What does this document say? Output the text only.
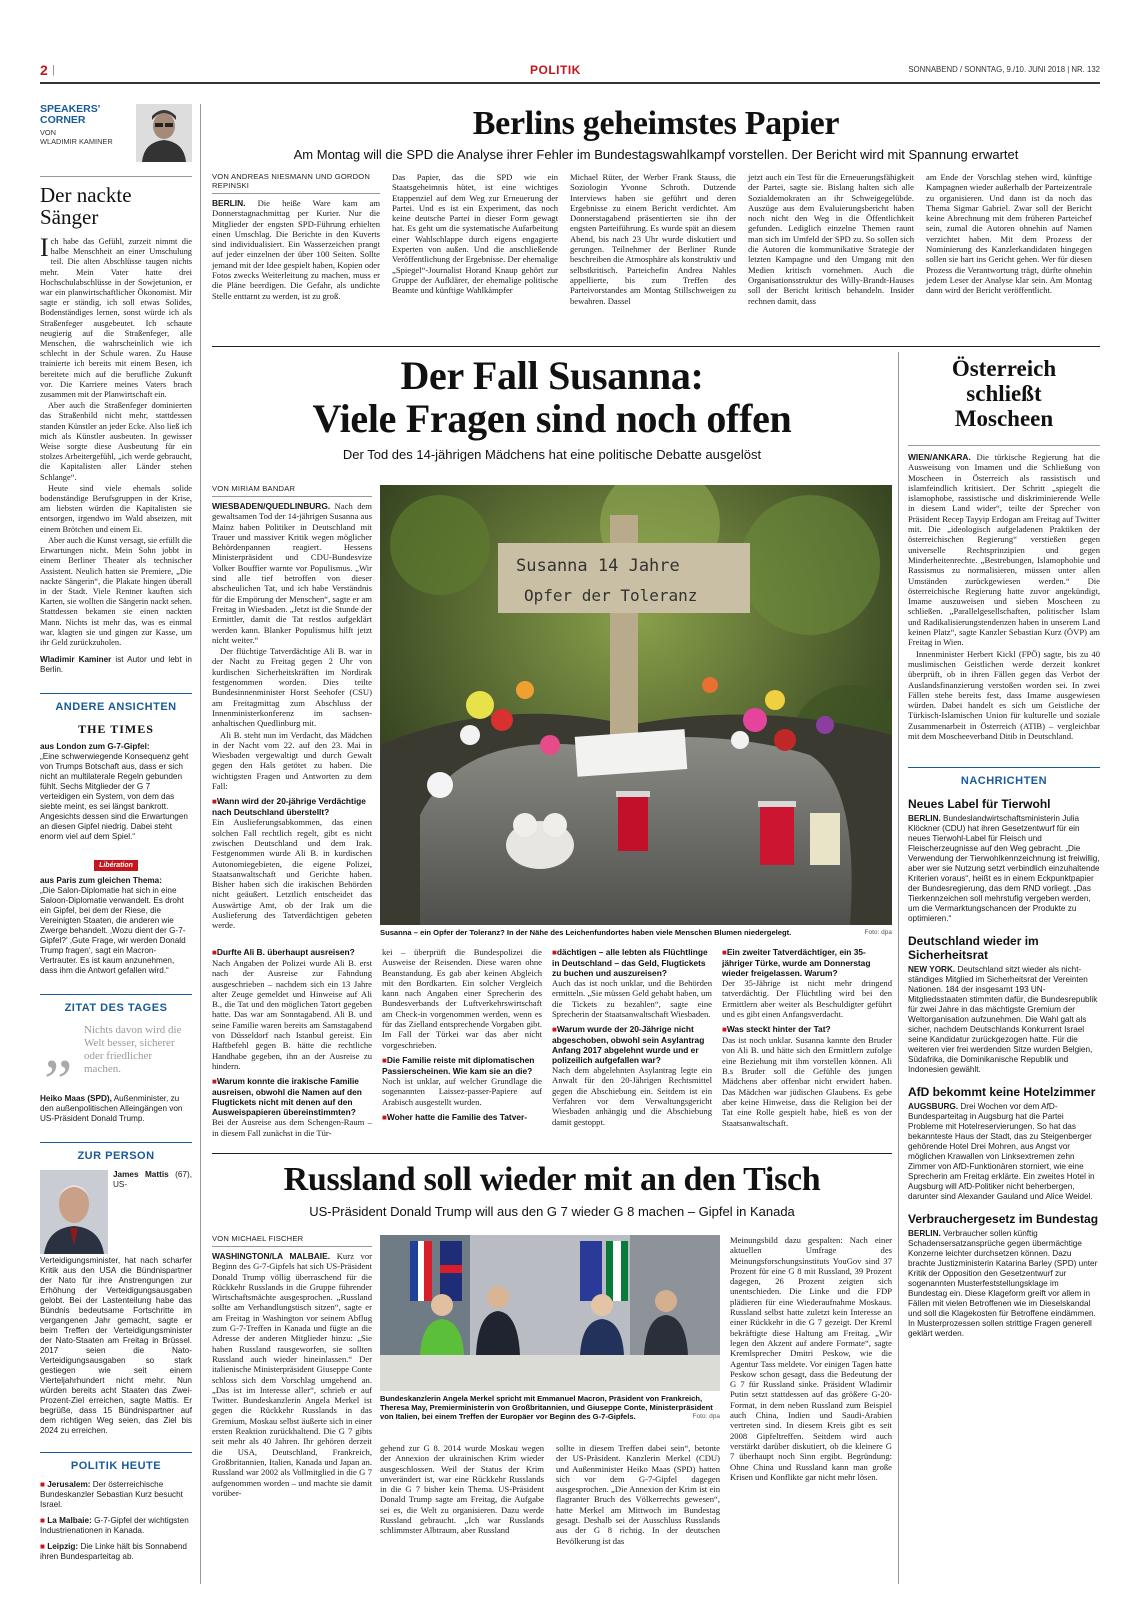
2 |	POLITIK	SONNABEND / SONNTAG, 9./10. JUNI 2018 | NR. 132
SPEAKERS' CORNER
VON
WLADIMIR KAMINER
Der nackte Sänger

Ich habe das Gefühl, zurzeit nimmt die halbe Menschheit an einer Umschulung teil. Die alten Abschlüsse taugen nichts mehr. Mein Vater hatte drei Hochschulabschlüsse in der Sowjetunion, er war ein planwirtschaftlicher Ökonomist. Mir sagte er ständig, ich soll etwas Solides, Bodenständiges lernen, sonst würde ich als Straßenfeger ausgebeutet. Ich schaute neugierig auf die Straßenfeger, alle Menschen, die wahrscheinlich wie ich schlecht in der Schule waren. Zu Hause trainierte ich bereits mit einem Besen, ich bereitete mich auf die berufliche Zukunft vor. Die Karriere meines Vaters brach zusammen mit der Planwirtschaft ein.

Aber auch die Straßenfeger dominierten das Straßenbild nicht mehr, stattdessen standen Künstler an jeder Ecke. Also ließ ich mich als Künstler ausbeuten. In gewisser Weise sorgte diese Ausbeutung für ein stolzes Arbeitergefühl, „ich werde gebraucht, die Kapitalisten aller Länder stehen Schlange“.

Heute sind viele ehemals solide bodenständige Berufsgruppen in der Krise, am liebsten würden die Kapitalisten sie entsorgen, irgendwo im Wald absetzen, mit einem Brötchen und einem Ei.

Aber auch die Kunst versagt, sie erfüllt die Erwartungen nicht. Mein Sohn jobbt in einem Berliner Theater als technischer Assistent. Neulich hatten sie Premiere, „Die nackte Sängerin“, die Plakate hingen überall in der Stadt. Viele Rentner kauften sich Karten, sie wollten die Sängerin nackt sehen. Stattdessen bekamen sie einen nackten Mann. Nichts ist mehr das, was es einmal war, klagten sie und gingen zur Kasse, um ihr Geld zurückzuholen.

Wladimir Kaminer ist Autor und lebt in Berlin.

ANDERE ANSICHTEN
THE TIMES
aus London zum G-7-Gipfel:
„Eine schwerwiegende Konsequenz geht von Trumps Botschaft aus, dass er sich nicht an multilaterale Regeln gebunden fühlt. Sechs Mitglieder der G 7 verteidigen ein System, von dem das siebte meint, es sei längst bankrott. Angesichts dessen sind die Erwartungen an diesen Gipfel niedrig. Dabei steht enorm viel auf dem Spiel.“
Libération
aus Paris zum gleichen Thema:
„Die Salon-Diplomatie hat sich in eine Saloon-Diplomatie verwandelt. Es droht ein Gipfel, bei dem der Riese, die Vereinigten Staaten, die anderen wie Zwerge behandelt. ‚Wozu dient der G-7-Gipfel?‘ ‚Gute Frage, wir werden Donald Trump fragen‘, sagt ein Macron-Vertrauter. Es ist kaum anzunehmen, dass ihm die Antwort gefallen wird.“
ZITAT DES TAGES
„ Nichts davon wird die Welt besser, sicherer oder friedlicher machen.
Heiko Maas (SPD), Außenminister, zu den außenpolitischen Alleingängen von US-Präsident Donald Trump.
ZUR PERSON
James Mattis (67), US-Verteidigungsminister, hat nach scharfer Kritik aus den USA die Bündnispartner der Nato für ihre Anstrengungen zur Erhöhung der Verteidigungsausgaben gelobt. Bei der Lastenteilung habe das Bündnis bedeutsame Fortschritte im vergangenen Jahr gemacht, sagte er beim Treffen der Verteidigungsminister der Nato-Staaten am Freitag in Brüssel. 2017 seien die Nato-Verteidigungsausgaben so stark gestiegen wie seit einem Vierteljahrhundert nicht mehr. Nun würden bereits acht Staaten das Zwei-Prozent-Ziel erreichen, sagte Mattis. Er begrüße, dass 15 Bündnispartner auf dem richtigen Weg seien, das Ziel bis 2024 zu erreichen.
POLITIK HEUTE

■ Jerusalem: Der österreichische Bundeskanzler Sebastian Kurz besucht Israel.

■ La Malbaie: G-7-Gipfel der wichtigsten Industrienationen in Kanada.

■ Leipzig: Die Linke hält bis Sonnabend ihren Bundesparteitag ab.

Berlins geheimstes Papier
Am Montag will die SPD die Analyse ihrer Fehler im Bundestagswahlkampf vorstellen. Der Bericht wird mit Spannung erwartet
VON ANDREAS NIESMANN UND GORDON REPINSKI
BERLIN. Die heiße Ware kam am Donnerstagnachmittag per Kurier. Nur die Mitglieder der engsten SPD-Führung erhielten einen Umschlag. Die Berichte in den Kuverts sind individualisiert. Ein Wasserzeichen prangt auf jeder einzelnen der über 100 Seiten. Sollte jemand mit der Idee gespielt haben, Kopien oder Fotos zwecks Weiterleitung zu machen, muss er die Pläne beerdigen. Die Gefahr, als undichte Stelle enttarnt zu werden, ist zu groß.
Das Papier, das die SPD wie ein Staatsgeheimnis hütet, ist eine wichtiges Etappenziel auf dem Weg zur Erneuerung der Partei. Und es ist ein Experiment, das noch keine deutsche Partei in dieser Form gewagt hat. Es geht um die systematische Aufarbeitung einer Wahlschlappe durch eigens engagierte Experten von außen. Und die anschließende Veröffentlichung der Ergebnisse. Der ehemalige „Spiegel“-Journalist Horand Knaup gehört zur Gruppe der Aufklärer, der ehemalige politische Beamte und künftige Wahlkämpfer
Michael Rüter, der Werber Frank Stauss, die Soziologin Yvonne Schroth. Dutzende Interviews haben sie geführt und deren Ergebnisse zu einem Bericht verdichtet. Am Donnerstagabend präsentierten sie ihn der engsten Parteiführung. Es wurde spät an diesem Abend, bis nach 23 Uhr wurde diskutiert und gerungen. Teilnehmer der Berliner Runde beschreiben die Atmosphäre als konstruktiv und selbstkritisch. Parteichefin Andrea Nahles appellierte, bis zum Treffen des Parteivorstandes am Montag Stillschweigen zu bewahren. Dassel
jetzt auch ein Test für die Erneuerungsfähigkeit der Partei, sagte sie. Bislang halten sich alle Sozialdemokraten an ihr Schweigegelübde. Auszüge aus dem Evaluierungsbericht haben noch nicht den Weg in die Öffentlichkeit gefunden. Lediglich einzelne Themen raunt man sich im Umfeld der SPD zu. So sollen sich die Autoren die kommunikative Strategie der letzten Kampagne und den Umgang mit den Medien kritisch vornehmen. Auch die Organisationsstruktur des Willy-Brandt-Hauses soll der Bericht kritisch behandeln. Insider rechnen damit, dass
am Ende der Vorschlag stehen wird, künftige Kampagnen wieder außerhalb der Parteizentrale zu organisieren. Und dann ist da noch das Thema Sigmar Gabriel. Zwar soll der Bericht keine Abrechnung mit dem früheren Parteichef sein, zumal die Autoren ohnehin auf Namen verzichtet haben. Mit dem Prozess der Nominierung des Kanzlerkandidaten hingegen sollen sie hart ins Gericht gehen. Wer für diesen Prozess die Verantwortung trägt, dürfte ohnehin jedem Leser der Analyse klar sein. Am Montag dann wird der Bericht veröffentlicht.
Der Fall Susanna:
Viele Fragen sind noch offen
Der Tod des 14-jährigen Mädchens hat eine politische Debatte ausgelöst
VON MIRIAM BANDAR

WIESBADEN/QUEDLINBURG. Nach dem gewaltsamen Tod der 14-jährigen Susanna aus Mainz haben Politiker in Deutschland mit Trauer und massiver Kritik wegen möglicher Behördenpannen reagiert. Hessens Ministerpräsident und CDU-Bundesvize Volker Bouffier warnte vor Populismus. „Wir sind alle tief betroffen von dieser abscheulichen Tat, und ich habe Verständnis für die Empörung der Menschen“, sagte er am Freitag in Wiesbaden. „Jetzt ist die Stunde der Ermittler, damit die Tat restlos aufgeklärt werden kann. Blanker Populismus hilft jetzt nicht weiter.“

Der flüchtige Tatverdächtige Ali B. war in der Nacht zu Freitag gegen 2 Uhr von kurdischen Sicherheitskräften im Nordirak festgenommen worden. Dies teilte Bundesinnenminister Horst Seehofer (CSU) am Freitagmittag zum Abschluss der Innenministerkonferenz im sachsen-anhaltischen Quedlinburg mit.

Ali B. steht nun im Verdacht, das Mädchen in der Nacht vom 22. auf den 23. Mai in Wiesbaden vergewaltigt und durch Gewalt gegen den Hals getötet zu haben. Die wichtigsten Fragen und Antworten zu dem Fall:

■ Wann wird der 20-jährige Verdächtige nach Deutschland überstellt?
Ein Auslieferungsabkommen, das einen solchen Fall rechtlich regelt, gibt es nicht zwischen Deutschland und dem Irak. Festgenommen wurde Ali B. in kurdischen Autonomiegebieten, die eigene Polizei, Staatsanwaltschaft und Gerichte haben. Bisher haben sich die irakischen Behörden nicht geäußert. Letztlich entscheidet das Auswärtige Amt, ob der Irak um die Auslieferung des Tatverdächtigen gebeten werde.
Susanna 14 Jahre
Opfer der Toleranz
Susanna – ein Opfer der Toleranz? In der Nähe des Leichenfundortes haben viele Menschen Blumen niedergelegt.	Foto: dpa
■ Durfte Ali B. überhaupt ausreisen?
Nach Angaben der Polizei wurde Ali B. erst nach der Ausreise zur Fahndung ausgeschrieben – nachdem sich ein 13 Jahre alter Zeuge gemeldet und Hinweise auf Ali B., die Tat und den möglichen Tatort gegeben hatte. Das war am Sonntagabend. Ali B. und seine Familie waren bereits am Samstagabend von Düsseldorf nach Istanbul gereist. Ein Haftbefehl gegen B. hätte die rechtliche Handhabe gegeben, ihn an der Ausreise zu hindern.
■ Warum konnte die irakische Familie ausreisen, obwohl die Namen auf den Flugtickets nicht mit denen auf den Ausweispapieren übereinstimmten?
Bei der Ausreise aus dem Schengen-Raum – in diesem Fall zunächst in die Tür-
kei – überprüft die Bundespolizei die Ausweise der Reisenden. Diese waren ohne Beanstandung. Es gab aber keinen Abgleich mit den Bordkarten. Ein solcher Vergleich kann nach Angaben einer Sprecherin des Bundesverbands der Luftverkehrswirtschaft am Check-in vorgenommen werden, wenn es für das Zielland entsprechende Vorgaben gibt. Im Fall der Türkei war das aber nicht vorgeschrieben.
■ Die Familie reiste mit diplomatischen Passierscheinen. Wie kam sie an die?
Noch ist unklar, auf welcher Grundlage die sogenannten Laissez-passer-Papiere auf Arabisch ausgestellt wurden.
■ Woher hatte die Familie des Tatver-
■ dächtigen – alle lebten als Flüchtlinge in Deutschland – das Geld, Flugtickets zu buchen und auszureisen?
Auch das ist noch unklar, und die Behörden ermitteln. „Sie müssen Geld gehabt haben, um die Tickets zu bezahlen“, sagte eine Sprecherin der Staatsanwaltschaft Wiesbaden.
■ Warum wurde der 20-Jährige nicht abgeschoben, obwohl sein Asylantrag Anfang 2017 abgelehnt wurde und er polizeilich aufgefallen war?
Nach dem abgelehnten Asylantrag legte ein Anwalt für den 20-Jährigen Rechtsmittel gegen die Abschiebung ein. Seitdem ist ein Verfahren vor dem Verwaltungsgericht Wiesbaden anhängig und die Abschiebung damit gestoppt.
■ Ein zweiter Tatverdächtiger, ein 35-jähriger Türke, wurde am Donnerstag wieder freigelassen. Warum?
Der 35-Jährige ist nicht mehr dringend tatverdächtig. Der Flüchtling wird bei den Ermittlern aber weiter als Beschuldigter geführt und es gibt einen Anfangsverdacht.
■ Was steckt hinter der Tat?
Das ist noch unklar. Susanna kannte den Bruder von Ali B. und hätte sich den Ermittlern zufolge eine Beziehung mit ihm vorstellen können. Ali B.s Bruder soll die Gefühle des jungen Mädchens aber offenbar nicht erwidert haben. Das Mädchen war jüdischen Glaubens. Es gebe aber keine Hinweise, dass die Religion bei der Tat eine Rolle gespielt habe, hieß es von der Staatsanwaltschaft.
Russland soll wieder mit an den Tisch
US-Präsident Donald Trump will aus den G 7 wieder G 8 machen – Gipfel in Kanada
VON MICHAEL FISCHER
WASHINGTON/LA MALBAIE. Kurz vor Beginn des G-7-Gipfels hat sich US-Präsident Donald Trump völlig überraschend für die Rückkehr Russlands in die Gruppe führender Wirtschaftsmächte ausgesprochen. „Russland sollte am Verhandlungstisch sitzen“, sagte er am Freitag in Washington vor seinem Abflug zum G-7-Treffen in Kanada und fügte an die Adresse der anderen Mitglieder hinzu: „Sie haben Russland rausgeworfen, sie sollten Russland auch wieder hineinlassen.“ Der italienische Ministerpräsident Giuseppe Conte schloss sich dem Vorschlag umgehend an. „Das ist im Interesse aller“, schrieb er auf Twitter. Bundeskanzlerin Angela Merkel ist gegen die Rückkehr Russlands in das Gremium, Moskau selbst äußerte sich in einer ersten Reaktion zurückhaltend. Die G 7 gibts seit mehr als 40 Jahren. Ihr gehören derzeit die USA, Deutschland, Frankreich, Großbritannien, Italien, Kanada und Japan an. Russland war 2002 als Vollmitglied in die G 7 aufgenommen worden – und machte sie damit vorüber-
Bundeskanzlerin Angela Merkel spricht mit Emmanuel Macron, Präsident von Frankreich, Theresa May, Premierministerin von Großbritannien, und Giuseppe Conte, Ministerpräsident von Italien, bei einem Treffen der Europäer vor Beginn des G-7-Gipfels.	Foto: dpa
gehend zur G 8. 2014 wurde Moskau wegen der Annexion der ukrainischen Krim wieder ausgeschlossen. Weil der Status der Krim unverändert ist, war eine Rückkehr Russlands in die G 7 bisher kein Thema. US-Präsident Donald Trump sagte am Freitag, die Aufgabe sei es, die Welt zu organisieren. Dazu werde Russland gebraucht. „Ich war Russlands schlimmster Albtraum, aber Russland
sollte in diesem Treffen dabei sein“, betonte der US-Präsident. Kanzlerin Merkel (CDU) und Außenminister Heiko Maas (SPD) hatten sich vor dem G-7-Gipfel dagegen ausgesprochen. „Die Annexion der Krim ist ein flagranter Bruch des Völkerrechts gewesen“, hatte Merkel am Mittwoch im Bundestag gesagt. Deshalb sei der Ausschluss Russlands aus der G 8 richtig. In der deutschen Bevölkerung ist das
Meinungsbild dazu gespalten: Nach einer aktuellen Umfrage des Meinungsforschungsinstituts YouGov sind 37 Prozent für eine G 8 mit Russland, 39 Prozent dagegen, 26 Prozent zeigten sich unentschieden. Die Linke und die FDP plädieren für eine Wiederaufnahme Moskaus. Russland selbst hatte zuletzt kein Interesse an einer Rückkehr in die G 7 gezeigt. Der Kreml bekräftigte diese Haltung am Freitag. „Wir legen den Akzent auf andere Formate“, sagte Kremlsprecher Dmitri Peskow, wie die Agentur Tass meldete. Vor einigen Tagen hatte Peskow schon gesagt, dass die Bedeutung der G 7 für Russland sinke. Präsident Wladimir Putin setzt stattdessen auf das größere G-20-Format, in dem neben Russland zum Beispiel auch China, Indien und Saudi-Arabien vertreten sind. In diesem Kreis gibt es seit 2008 Gipfeltreffen. Seitdem wird auch verstärkt darüber diskutiert, ob die kleinere G 7 überhaupt noch Sinn ergibt. Begründung: Ohne China und Russland kann man große Krisen und Konflikte gar nicht mehr lösen.
Österreich schließt Moscheen

WIEN/ANKARA. Die türkische Regierung hat die Ausweisung von Imamen und die Schließung von Moscheen in Österreich als rassistisch und islamfeindlich kritisiert. Der Schritt „spiegelt die islamophobe, rassistische und diskriminierende Welle in diesem Land wider“, teilte der Sprecher von Präsident Recep Tayyip Erdogan am Freitag auf Twitter mit. Die „ideologisch aufgeladenen Praktiken der österreichischen Regierung“ verstießen gegen universelle Rechtsprinzipien und gegen Minderheitenrechte. „Bestrebungen, Islamophobie und Rassismus zu normalisieren, müssen unter allen Umständen zurückgewiesen werden.“ Die österreichische Regierung hatte zuvor angekündigt, Imame auszuweisen und sieben Moscheen zu schließen. „Parallelgesellschaften, politischer Islam und Radikalisierungstendenzen haben in unserem Land keinen Platz“, sagte Kanzler Sebastian Kurz (ÖVP) am Freitag in Wien.

Innenminister Herbert Kickl (FPÖ) sagte, bis zu 40 muslimischen Geistlichen werde derzeit konkret überprüft, ob in ihren Fällen gegen das Verbot der Auslandsfinanzierung verstoßen worden sei. In zwei Fällen stehe bereits fest, dass Imame ausgewiesen würden. Dabei handelt es sich um Geistliche der Türkisch-Islamischen Union für kulturelle und soziale Zusammenarbeit in Österreich (ATIB) – vergleichbar mit dem Moscheeverband Ditib in Deutschland.

NACHRICHTEN
Neues Label für Tierwohl
BERLIN. Bundeslandwirtschaftsministerin Julia Klöckner (CDU) hat ihren Gesetzentwurf für ein neues Tierwohl-Label für Fleisch und Fleischerzeugnisse auf den Weg gebracht. „Die Verwendung der Tierwohlkennzeichnung ist freiwillig, aber wer sie Nutzung setzt verbindlich einzuhaltende Kriterien voraus“, heißt es in einem Eckpunktpapier der Bundesregierung, das dem RND vorliegt. „Das Tierkennzeichen soll mehrstufig vergeben werden, um die Vermarktungschancen der Produkte zu optimieren.“
Deutschland wieder im Sicherheitsrat
NEW YORK. Deutschland sitzt wieder als nicht-ständiges Mitglied im Sicherheitsrat der Vereinten Nationen. 184 der insgesamt 193 UN-Mitgliedsstaaten stimmten dafür, die Bundesrepublik für zwei Jahre in das mächtigste Gremium der Weltorganisation aufzunehmen. Die Wahl galt als sicher, nachdem Deutschlands Konkurrent Israel seine Kandidatur zurückgezogen hatte. Für die weiteren vier frei werdenden Sitze wurden Belgien, Südafrika, die Dominikanische Republik und Indonesien gewählt.
AfD bekommt keine Hotelzimmer
AUGSBURG. Drei Wochen vor dem AfD-Bundesparteitag in Augsburg hat die Partei Probleme mit Hotelreservierungen. So hat das bekannteste Haus der Stadt, das zu Steigenberger gehörende Hotel Drei Mohren, aus Angst vor möglichen Krawallen von Linksextremen zehn Zimmer von AfD-Funktionären storniert, wie eine Sprecherin am Freitag erklärte. Ein zweites Hotel in Augsburg will AfD-Politiker nicht beherbergen, darunter sind Alexander Gauland und Alice Weidel.
Verbrauchergesetz im Bundestag
BERLIN. Verbraucher sollen künftig Schadensersatzansprüche gegen übermächtige Konzerne leichter durchsetzen können. Dazu brachte Justizministerin Katarina Barley (SPD) unter Kritik der Opposition den Gesetzentwurf zur sogenannten Musterfeststellungsklage im Bundestag ein. Diese Klageform greift vor allem in Fällen mit vielen Betroffenen wie im Dieselskandal und soll die Klagekosten für Betroffene eindämmen. In Musterprozessen sollen strittige Fragen generell geklärt werden.
